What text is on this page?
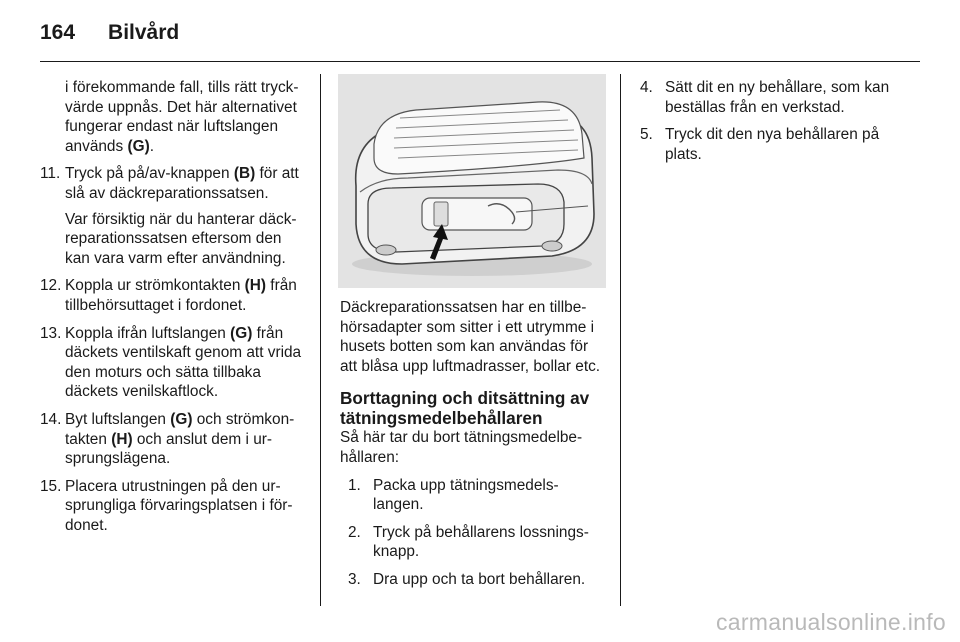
164 Bilvård
i förekommande fall, tills rätt tryck-värde uppnås. Det här alternativet fungerar endast när luftslangen används (G).
11. Tryck på på/av-knappen (B) för att slå av däckreparationssatsen.
Var försiktig när du hanterar däck-reparationssatsen eftersom den kan vara varm efter användning.
12. Koppla ur strömkontakten (H) från tillbehörsuttaget i fordonet.
13. Koppla ifrån luftslangen (G) från däckets ventilskaft genom att vrida den moturs och sätta tillbaka däckets venilskaftlock.
14. Byt luftslangen (G) och strömkon-takten (H) och anslut dem i ur-sprungslägena.
15. Placera utrustningen på den ur-sprungliga förvaringsplatsen i för-donet.

Däckreparationssatsen har en tillbe-hörsadapter som sitter i ett utrymme i husets botten som kan användas för att blåsa upp luftmadrasser, bollar etc.

Borttagning och ditsättning av tätningsmedelbehållaren
Så här tar du bort tätningsmedelbe-hållaren:
1. Packa upp tätningsmedels-langen.
2. Tryck på behållarens lossnings-knapp.
3. Dra upp och ta bort behållaren.
4. Sätt dit en ny behållare, som kan beställas från en verkstad.
5. Tryck dit den nya behållaren på plats.
carmanualsonline.info
